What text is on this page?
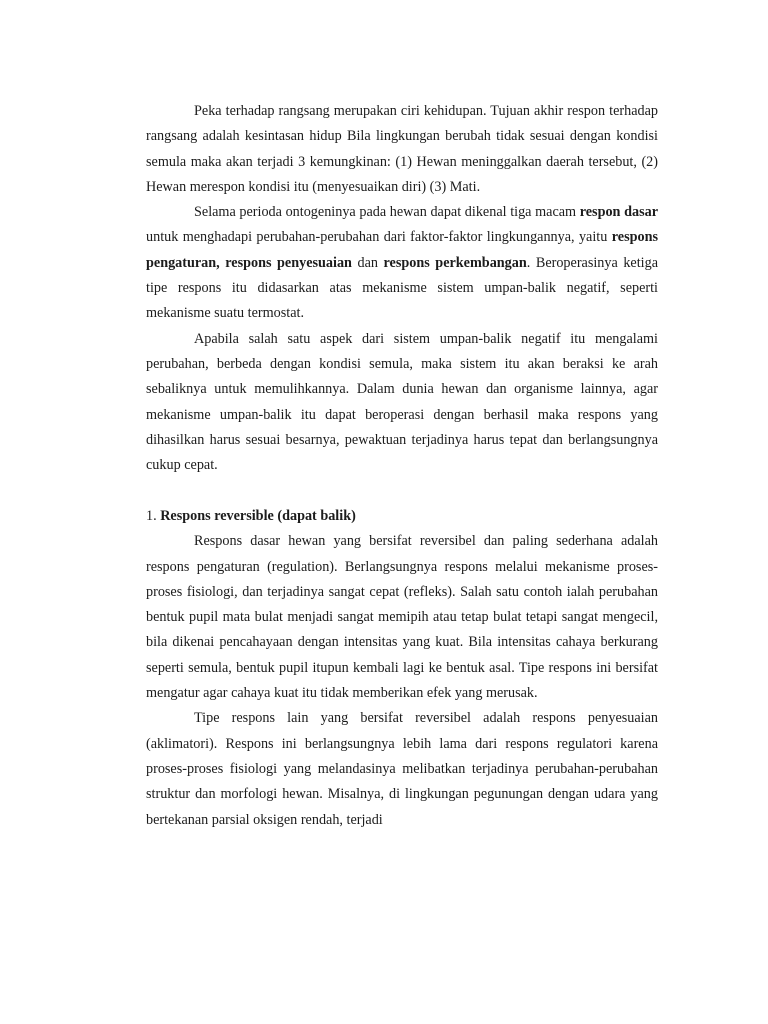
Peka terhadap rangsang merupakan ciri kehidupan. Tujuan akhir respon terhadap rangsang adalah kesintasan hidup Bila lingkungan berubah tidak sesuai dengan kondisi semula maka akan terjadi 3 kemungkinan: (1) Hewan meninggalkan daerah tersebut, (2) Hewan merespon kondisi itu (menyesuaikan diri) (3) Mati.

Selama perioda ontogeninya pada hewan dapat dikenal tiga macam respon dasar untuk menghadapi perubahan-perubahan dari faktor-faktor lingkungannya, yaitu respons pengaturan, respons penyesuaian dan respons perkembangan. Beroperasinya ketiga tipe respons itu didasarkan atas mekanisme sistem umpan-balik negatif, seperti mekanisme suatu termostat.

Apabila salah satu aspek dari sistem umpan-balik negatif itu mengalami perubahan, berbeda dengan kondisi semula, maka sistem itu akan beraksi ke arah sebaliknya untuk memulihkannya. Dalam dunia hewan dan organisme lainnya, agar mekanisme umpan-balik itu dapat beroperasi dengan berhasil maka respons yang dihasilkan harus sesuai besarnya, pewaktuan terjadinya harus tepat dan berlangsungnya cukup cepat.

1. Respons reversible (dapat balik)

Respons dasar hewan yang bersifat reversibel dan paling sederhana adalah respons pengaturan (regulation). Berlangsungnya respons melalui mekanisme proses-proses fisiologi, dan terjadinya sangat cepat (refleks). Salah satu contoh ialah perubahan bentuk pupil mata bulat menjadi sangat memipih atau tetap bulat tetapi sangat mengecil, bila dikenai pencahayaan dengan intensitas yang kuat. Bila intensitas cahaya berkurang seperti semula, bentuk pupil itupun kembali lagi ke bentuk asal. Tipe respons ini bersifat mengatur agar cahaya kuat itu tidak memberikan efek yang merusak.

Tipe respons lain yang bersifat reversibel adalah respons penyesuaian (aklimatori). Respons ini berlangsungnya lebih lama dari respons regulatori karena proses-proses fisiologi yang melandasinya melibatkan terjadinya perubahan-perubahan struktur dan morfologi hewan. Misalnya, di lingkungan pegunungan dengan udara yang bertekanan parsial oksigen rendah, terjadi
